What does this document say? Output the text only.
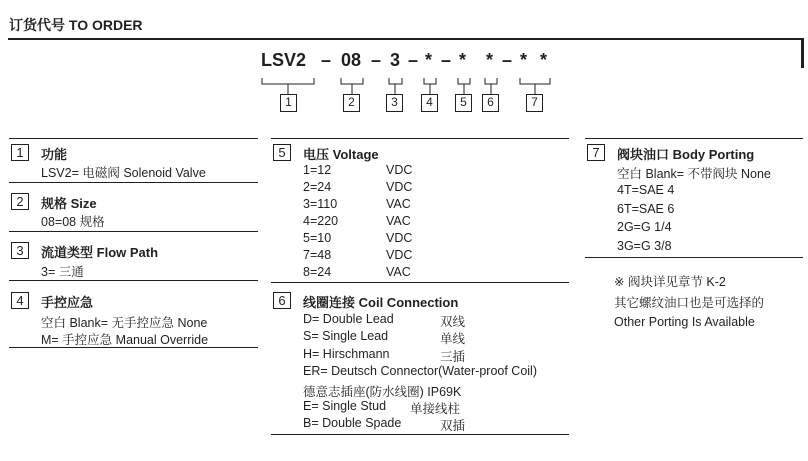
订货代号 TO ORDER
LSV2 – 08 – 3 – * – * * – * *
1	2	3	4	5	6	7
1	功能
LSV2= 电磁阀 Solenoid Valve
2	规格 Size
08=08 规格
3	流道类型 Flow Path
3= 三通
4	手控应急
空白 Blank= 无手控应急 None
M= 手控应急 Manual Override
5	电压 Voltage
1=12	VDC
2=24	VDC
3=110	VAC
4=220	VAC
5=10	VDC
7=48	VDC
8=24	VAC
6	线圈连接 Coil Connection
D= Double Lead	双线
S= Single Lead	单线
H= Hirschmann	三插
ER= Deutsch Connector(Water-proof Coil)
德意志插座(防水线圈) IP69K
E= Single Stud 单接线柱
B= Double Spade	双插
7	阀块油口 Body Porting
空白 Blank= 不带阀块 None
4T=SAE 4
6T=SAE 6
2G=G 1/4
3G=G 3/8
※ 阀块详见章节 K-2
其它螺纹油口也是可选择的
Other Porting Is Available
